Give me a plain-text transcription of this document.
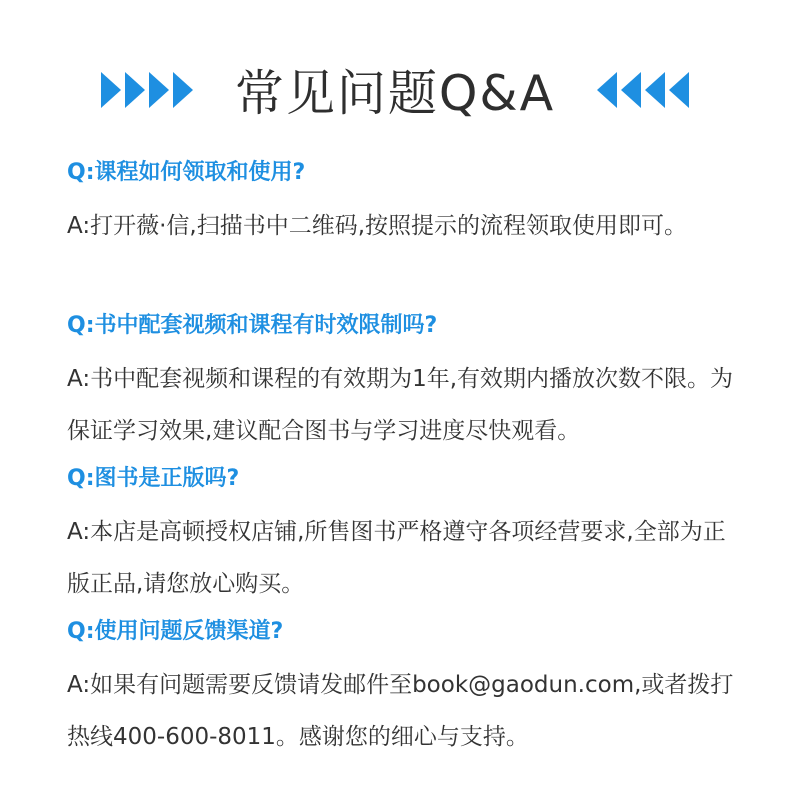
常见问题Q&A
Q:课程如何领取和使用?
A:打开薇·信,扫描书中二维码,按照提示的流程领取使用即可。
Q:书中配套视频和课程有时效限制吗?
A:书中配套视频和课程的有效期为1年,有效期内播放次数不限。为保证学习效果,建议配合图书与学习进度尽快观看。
Q:图书是正版吗?
A:本店是高顿授权店铺,所售图书严格遵守各项经营要求,全部为正版正品,请您放心购买。
Q:使用问题反馈渠道?
A:如果有问题需要反馈请发邮件至book@gaodun.com,或者拨打热线400-600-8011。感谢您的细心与支持。
